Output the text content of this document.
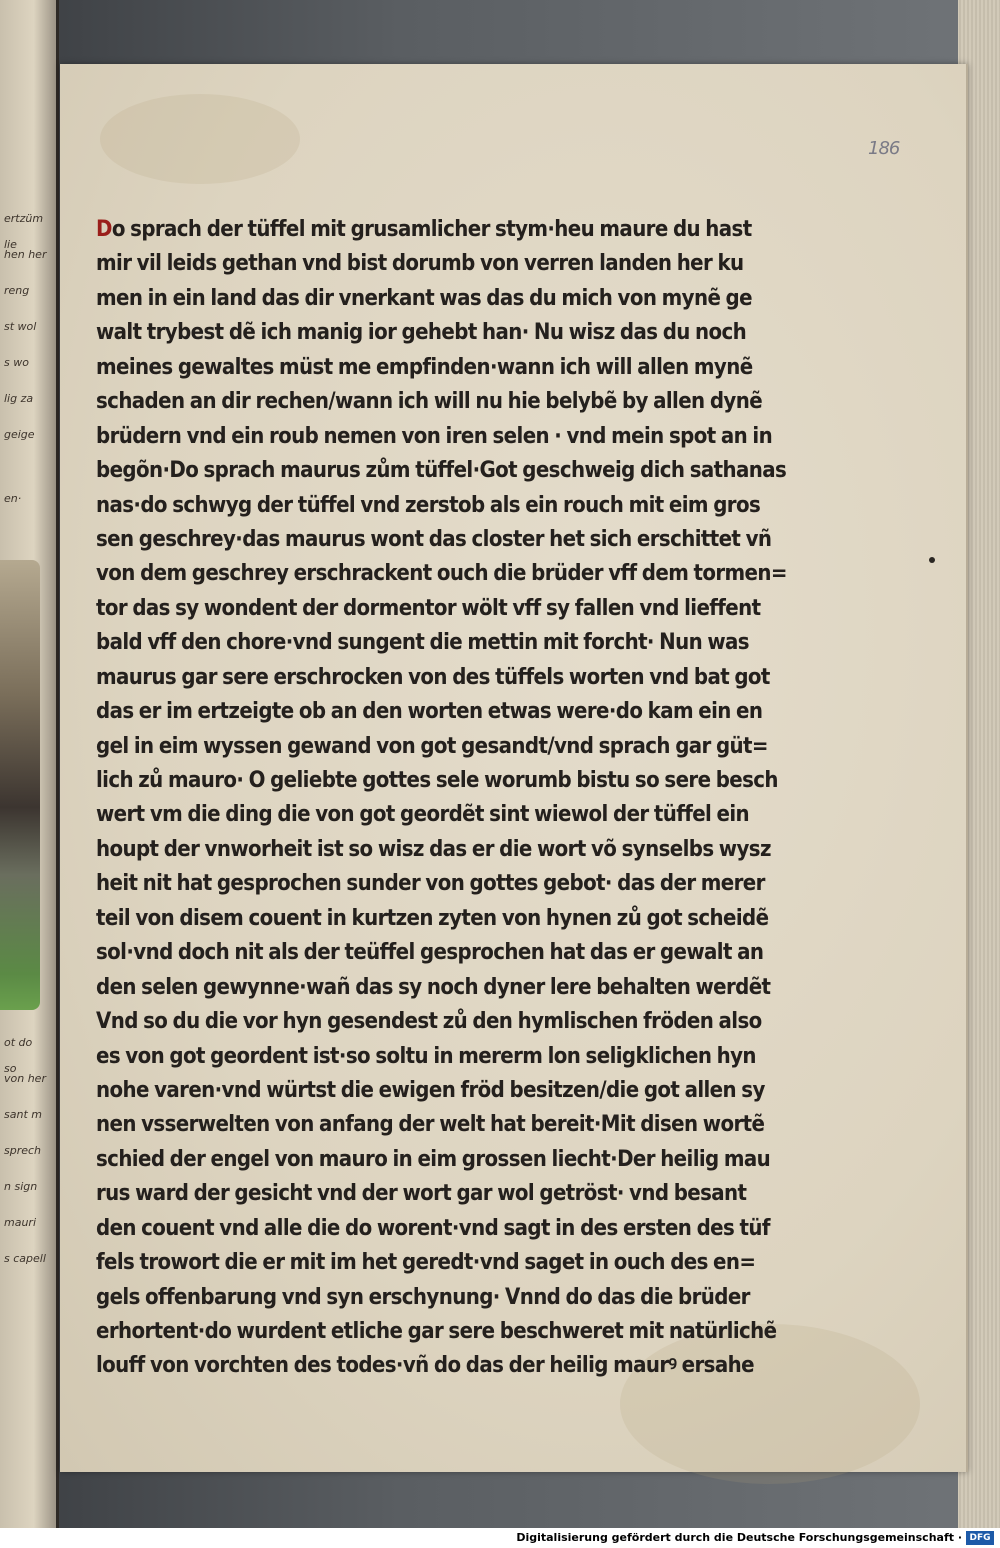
ertzüm lie
hen her
reng
st wol
s wo
lig za
geige
en·
ot do so
von her
sant m
sprech
n sign
mauri
s capell
186
Do sprach der tüffel mit grusamlicher stym·heu maure du hast
mir vil leids gethan vnd bist dorumb von verren landen her ku
men in ein land das dir vnerkant was das du mich von mynẽ ge
walt trybest dẽ ich manig ior gehebt han· Nu wisz das du noch
meines gewaltes müst me empfinden·wann ich will allen mynẽ
schaden an dir rechen/wann ich will nu hie belybẽ by allen dynẽ
brüdern vnd ein roub nemen von iren selen · vnd mein spot an in
begõn·Do sprach maurus zům tüffel·Got geschweig dich sathanas
nas·do schwyg der tüffel vnd zerstob als ein rouch mit eim gros
sen geschrey·das maurus wont das closter het sich erschittet vñ
von dem geschrey erschrackent ouch die brüder vff dem tormen=
tor das sy wondent der dormentor wölt vff sy fallen vnd lieffent
bald vff den chore·vnd sungent die mettin mit forcht· Nun was
maurus gar sere erschrocken von des tüffels worten vnd bat got
das er im ertzeigte ob an den worten etwas were·do kam ein en
gel in eim wyssen gewand von got gesandt/vnd sprach gar güt=
lich zů mauro· O geliebte gottes sele worumb bistu so sere besch
wert vm die ding die von got geordẽt sint wiewol der tüffel ein
houpt der vnworheit ist so wisz das er die wort võ synselbs wysz
heit nit hat gesprochen sunder von gottes gebot· das der merer
teil von disem couent in kurtzen zyten von hynen zů got scheidẽ
sol·vnd doch nit als der teüffel gesprochen hat das er gewalt an
den selen gewynne·wañ das sy noch dyner lere behalten werdẽt
Vnd so du die vor hyn gesendest zů den hymlischen fröden also
es von got geordent ist·so soltu in mererm lon seligklichen hyn
nohe varen·vnd würtst die ewigen fröd besitzen/die got allen sy
nen vsserwelten von anfang der welt hat bereit·Mit disen wortẽ
schied der engel von mauro in eim grossen liecht·Der heilig mau
rus ward der gesicht vnd der wort gar wol getröst· vnd besant
den couent vnd alle die do worent·vnd sagt in des ersten des tüf
fels trowort die er mit im het geredt·vnd saget in ouch des en=
gels offenbarung vnd syn erschynung· Vnnd do das die brüder
erhortent·do wurdent etliche gar sere beschweret mit natürlichẽ
louff von vorchten des todes·vñ do das der heilig maurꝰ ersahe
Digitalisierung gefördert durch die Deutsche Forschungsgemeinschaft · DFG
